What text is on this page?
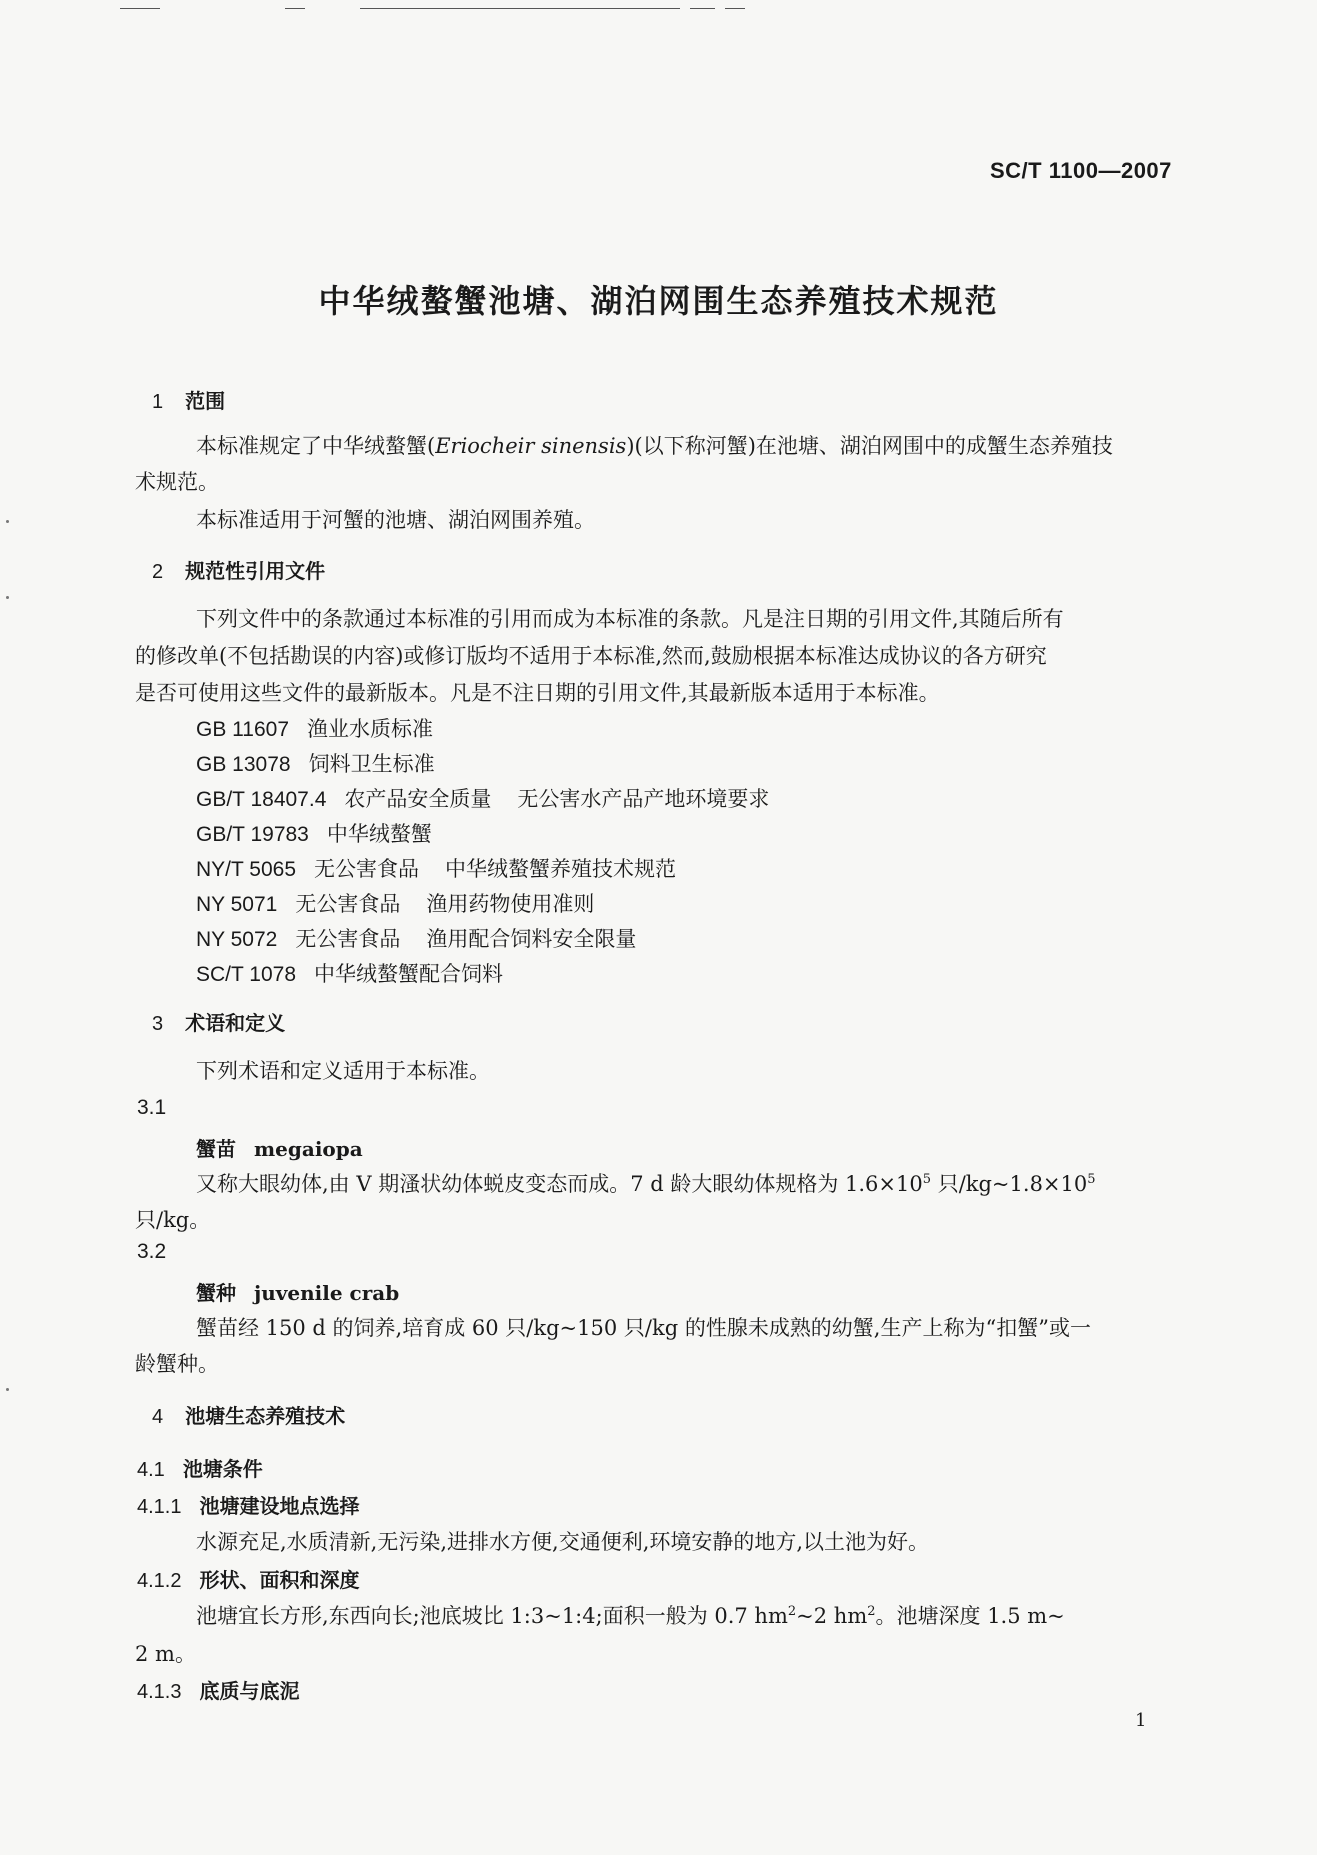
SC/T 1100—2007
中华绒螯蟹池塘、湖泊网围生态养殖技术规范
1 范围
本标准规定了中华绒螯蟹(Eriocheir sinensis)(以下称河蟹)在池塘、湖泊网围中的成蟹生态养殖技
术规范。
本标准适用于河蟹的池塘、湖泊网围养殖。
2 规范性引用文件
下列文件中的条款通过本标准的引用而成为本标准的条款。凡是注日期的引用文件,其随后所有
的修改单(不包括勘误的内容)或修订版均不适用于本标准,然而,鼓励根据本标准达成协议的各方研究
是否可使用这些文件的最新版本。凡是不注日期的引用文件,其最新版本适用于本标准。
GB 11607 渔业水质标准
GB 13078 饲料卫生标准
GB/T 18407.4 农产品安全质量 无公害水产品产地环境要求
GB/T 19783 中华绒螯蟹
NY/T 5065 无公害食品 中华绒螯蟹养殖技术规范
NY 5071 无公害食品 渔用药物使用准则
NY 5072 无公害食品 渔用配合饲料安全限量
SC/T 1078 中华绒螯蟹配合饲料
3 术语和定义
下列术语和定义适用于本标准。
3.1
蟹苗 megaiopa
又称大眼幼体,由 V 期溞状幼体蜕皮变态而成。7 d 龄大眼幼体规格为 $1.6\times 10^5$ 只$/kg\sim 1.8\times 10^5$
只/kg。
3.2
蟹种 juvenile crab
蟹苗经 150 d 的饲养,培育成 60 只/kg~150 只/kg 的性腺未成熟的幼蟹,生产上称为“扣蟹”或一
龄蟹种。
4 池塘生态养殖技术
4.1 池塘条件
4.1.1 池塘建设地点选择
水源充足,水质清新,无污染,进排水方便,交通便利,环境安静的地方,以土池为好。
4.1.2 形状、面积和深度
池塘宜长方形,东西向长;池底坡比 1:3~1:4;面积一般为 0.7 $hm^2\sim 2$ $hm^2$。池塘深度 1.5 m~
2 m。
4.1.3 底质与底泥
1
